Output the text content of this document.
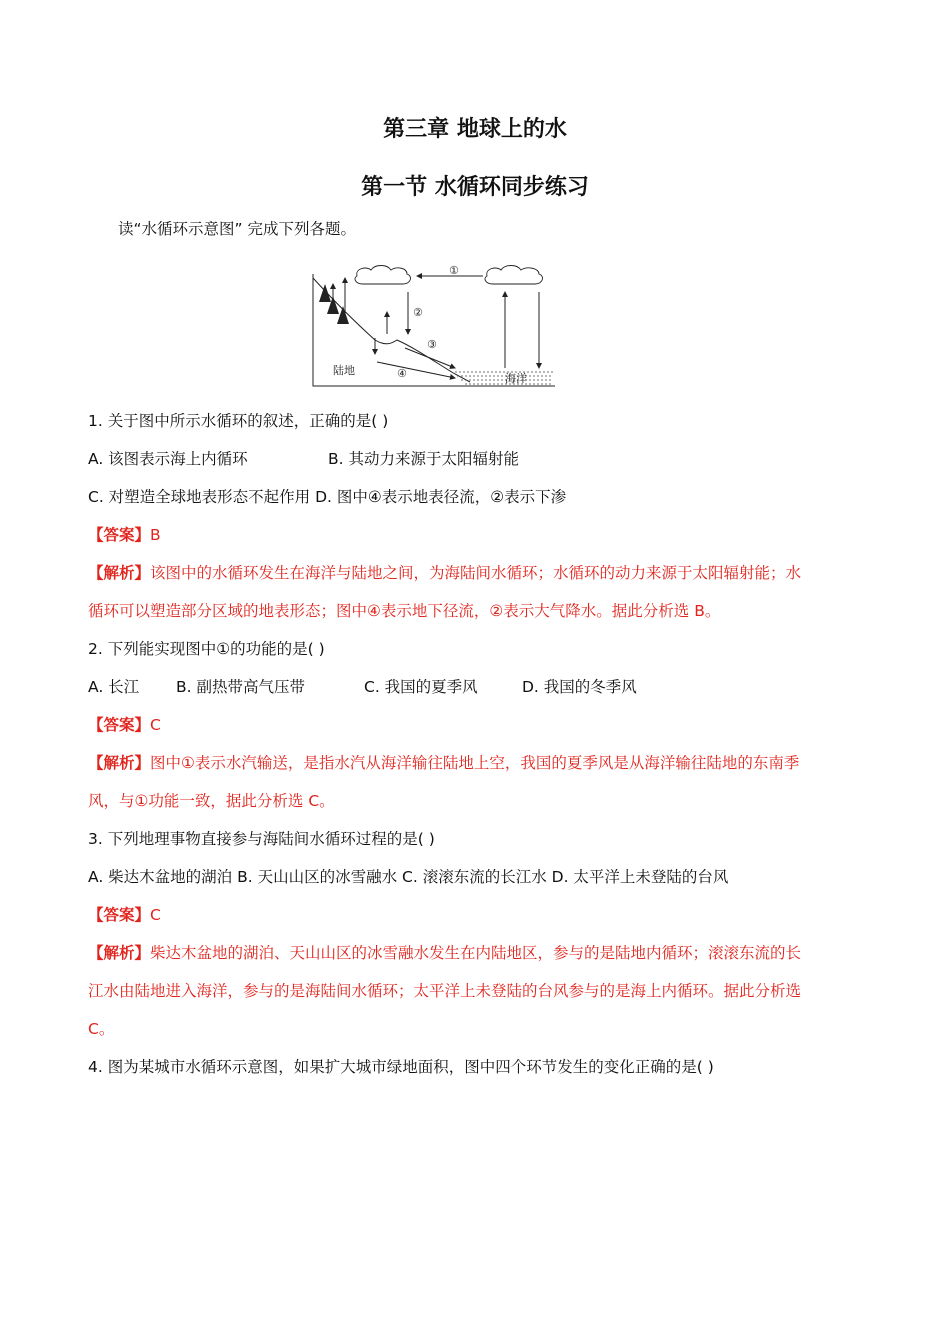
第三章 地球上的水
第一节 水循环同步练习
读“水循环示意图” 完成下列各题。
①
②
③
④
陆地
海洋
1. 关于图中所示水循环的叙述，正确的是( )
A. 该图表示海上内循环	B. 其动力来源于太阳辐射能
C. 对塑造全球地表形态不起作用 D. 图中④表示地表径流，②表示下渗
【答案】B
【解析】该图中的水循环发生在海洋与陆地之间，为海陆间水循环；水循环的动力来源于太阳辐射能；水
循环可以塑造部分区域的地表形态；图中④表示地下径流，②表示大气降水。据此分析选 B。
2. 下列能实现图中①的功能的是( )
A. 长江 B. 副热带高气压带	C. 我国的夏季风	D. 我国的冬季风
【答案】C
【解析】图中①表示水汽输送，是指水汽从海洋输往陆地上空，我国的夏季风是从海洋输往陆地的东南季
风，与①功能一致，据此分析选 C。
3. 下列地理事物直接参与海陆间水循环过程的是( )
A. 柴达木盆地的湖泊 B. 天山山区的冰雪融水 C. 滚滚东流的长江水 D. 太平洋上未登陆的台风
【答案】C
【解析】柴达木盆地的湖泊、天山山区的冰雪融水发生在内陆地区，参与的是陆地内循环；滚滚东流的长
江水由陆地进入海洋，参与的是海陆间水循环；太平洋上未登陆的台风参与的是海上内循环。据此分析选
C。
4. 图为某城市水循环示意图，如果扩大城市绿地面积，图中四个环节发生的变化正确的是( )
